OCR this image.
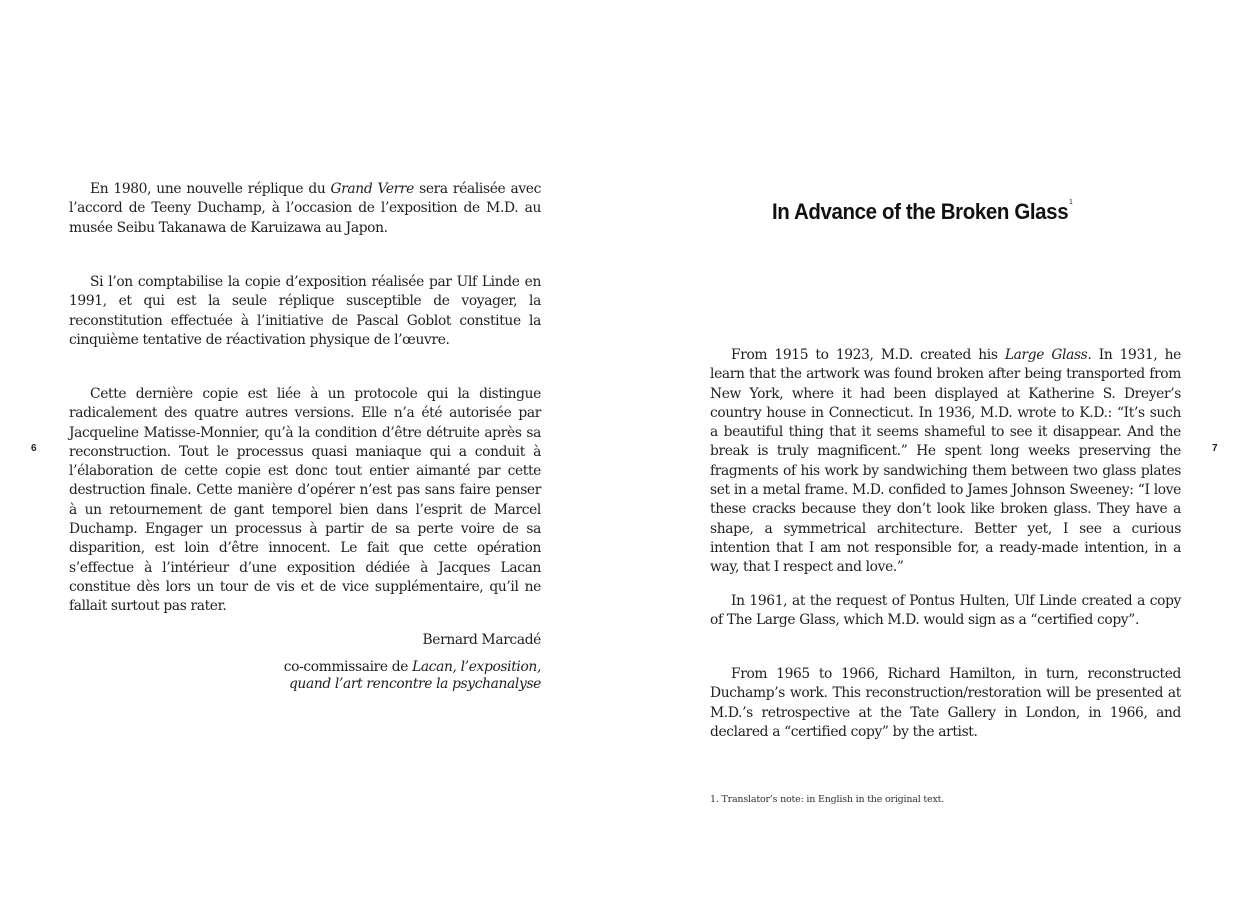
6

En 1980, une nouvelle réplique du Grand Verre sera réalisée avec l’accord de Teeny Duchamp, à l’occasion de l’exposition de M.D. au musée Seibu Takanawa de Karuizawa au Japon.

Si l’on comptabilise la copie d’exposition réalisée par Ulf Linde en 1991, et qui est la seule réplique susceptible de voyager, la reconstitution effectuée à l’initiative de Pascal Goblot constitue la cinquième tentative de réactivation physique de l’œuvre.

Cette dernière copie est liée à un protocole qui la distingue radicalement des quatre autres versions. Elle n’a été autorisée par Jacqueline Matisse-Monnier, qu’à la condition d’être détruite après sa reconstruction. Tout le processus quasi maniaque qui a conduit à l’élaboration de cette copie est donc tout entier aimanté par cette destruction finale. Cette manière d’opérer n’est pas sans faire penser à un retournement de gant temporel bien dans l’esprit de Marcel Duchamp. Engager un processus à partir de sa perte voire de sa disparition, est loin d’être innocent. Le fait que cette opération s’effectue à l’intérieur d’une exposition dédiée à Jacques Lacan constitue dès lors un tour de vis et de vice supplémentaire, qu’il ne fallait surtout pas rater.

Bernard Marcadé
co-commissaire de Lacan, l’exposition,
quand l’art rencontre la psychanalyse
7
In Advance of the Broken Glass$^1$

From 1915 to 1923, M.D. created his Large Glass. In 1931, he learn that the artwork was found broken after being transported from New York, where it had been displayed at Katherine S. Dreyer’s country house in Connecticut. In 1936, M.D. wrote to K.D.: “It’s such a beautiful thing that it seems shameful to see it disappear. And the break is truly magnificent.” He spent long weeks preserving the fragments of his work by sandwiching them between two glass plates set in a metal frame. M.D. confided to James Johnson Sweeney: “I love these cracks because they don’t look like broken glass. They have a shape, a symmetrical architecture. Better yet, I see a curious intention that I am not responsible for, a ready-made intention, in a way, that I respect and love.”

In 1961, at the request of Pontus Hulten, Ulf Linde created a copy of The Large Glass, which M.D. would sign as a “certified copy”.

From 1965 to 1966, Richard Hamilton, in turn, reconstructed Duchamp’s work. This reconstruction/restoration will be presented at M.D.’s retrospective at the Tate Gallery in London, in 1966, and declared a “certified copy” by the artist.

1. Translator’s note: in English in the original text.
